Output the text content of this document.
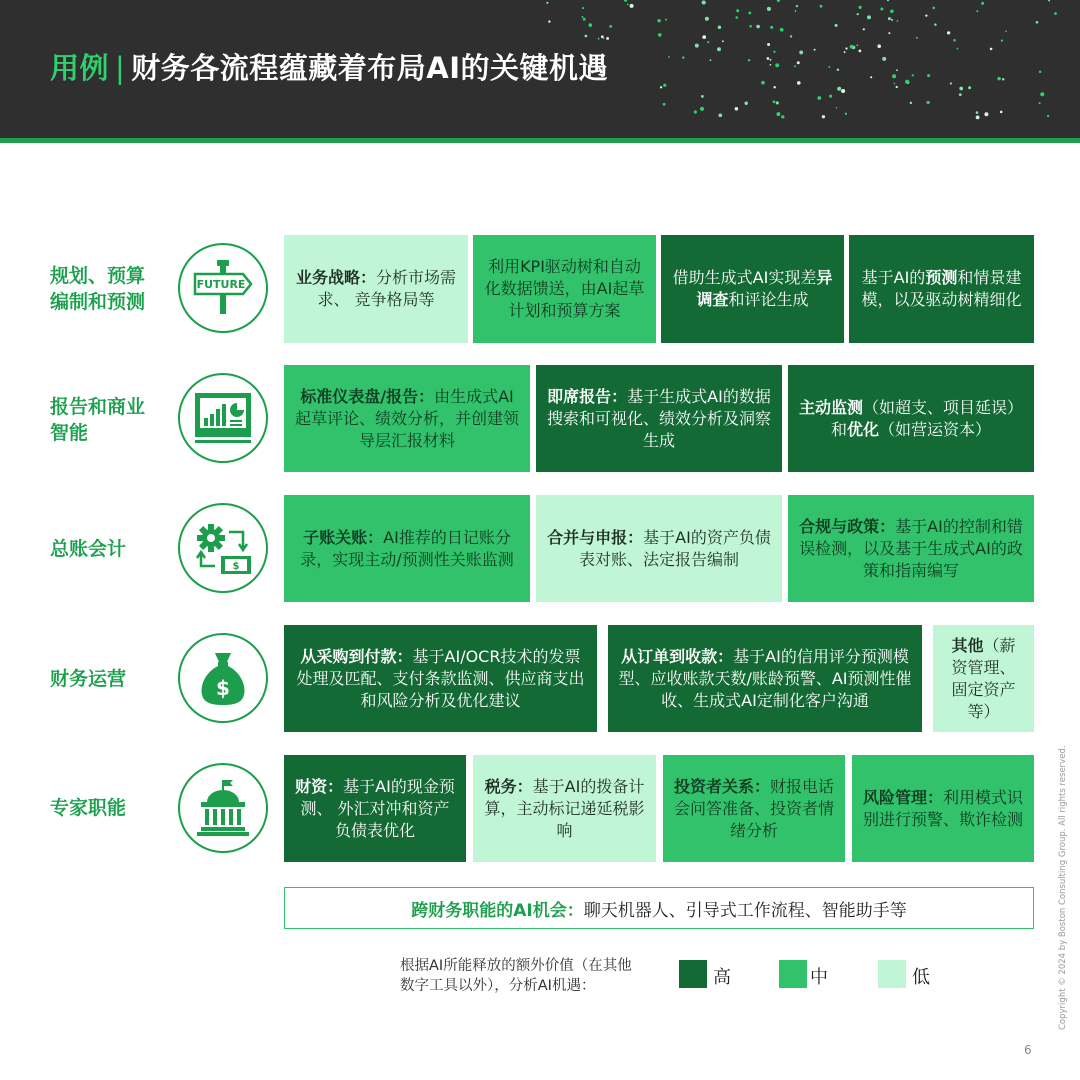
用例 | 财务各流程蕴藏着布局AI的关键机遇
规划、预算
编制和预测
FUTURE	业务战略：分析市场需求、 竞争格局等
利用KPI驱动树和自动化数据馈送，由AI起草计划和预算方案
借助生成式AI实现差异调查和评论生成
基于AI的预测和情景建模，以及驱动树精细化
报告和商业
智能
标准仪表盘/报告：由生成式AI起草评论、绩效分析，并创建领导层汇报材料
即席报告：基于生成式AI的数据搜索和可视化、绩效分析及洞察生成
主动监测（如超支、项目延误）和优化（如营运资本）
总账会计
$
子账关账：AI推荐的日记账分录，实现主动/预测性关账监测
合并与申报：基于AI的资产负债表对账、法定报告编制
合规与政策：基于AI的控制和错误检测，以及基于生成式AI的政策和指南编写
财务运营	$
从采购到付款：基于AI/OCR技术的发票处理及匹配、支付条款监测、供应商支出和风险分析及优化建议
从订单到收款：基于AI的信用评分预测模型、应收账款天数/账龄预警、AI预测性催收、生成式AI定制化客户沟通
其他（薪资管理、固定资产等）
专家职能
财资：基于AI的现金预测、 外汇对冲和资产负债表优化
税务：基于AI的拨备计算，主动标记递延税影响
投资者关系：财报电话会问答准备、投资者情绪分析
风险管理：利用模式识别进行预警、欺诈检测
跨财务职能的AI机会：聊天机器人、引导式工作流程、智能助手等
根据AI所能释放的额外价值（在其他数字工具以外），分析AI机遇：	高	中	低	Copyright © 2024 by Boston Consulting Group. All rights reserved.
6
